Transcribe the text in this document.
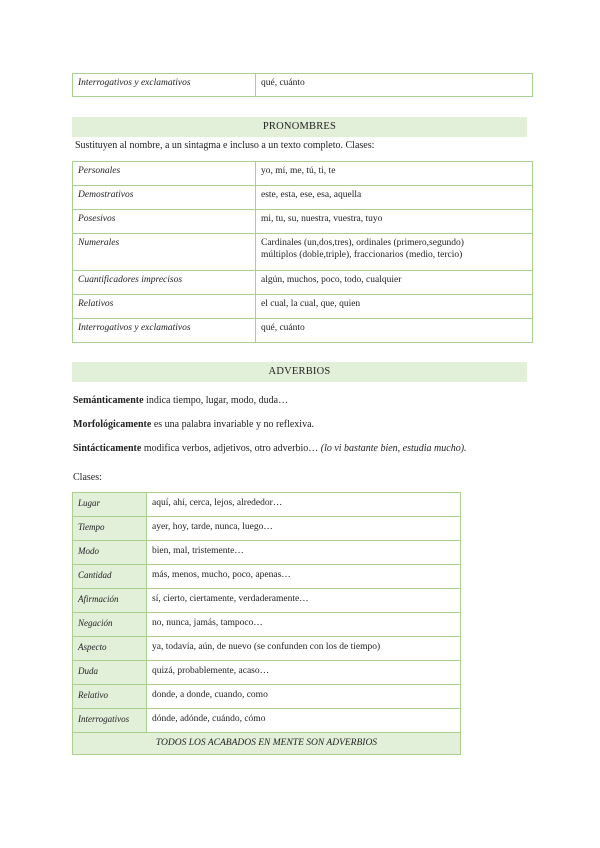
Interrogativos y exclamativos	qué, cuánto
PRONOMBRES
Sustituyen al nombre, a un sintagma e incluso a un texto completo. Clases:
Personales	yo, mí, me, tú, ti, te
Demostrativos	este, esta, ese, esa, aquella
Posesivos	mi, tu, su, nuestra, vuestra, tuyo
Numerales	Cardinales (un,dos,tres), ordinales (primero,segundo)
múltiplos (doble,triple), fraccionarios (medio, tercio)

Cuantificadores imprecisos	algún, muchos, poco, todo, cualquier
Relativos	el cual, la cual, que, quien
Interrogativos y exclamativos	qué, cuánto
ADVERBIOS
Semánticamente indica tiempo, lugar, modo, duda…
Morfológicamente es una palabra invariable y no reflexiva.
Sintácticamente modifica verbos, adjetivos, otro adverbio… (lo vi bastante bien, estudia mucho).
Clases:
Lugar	aquí, ahí, cerca, lejos, alrededor…
Tiempo	ayer, hoy, tarde, nunca, luego…
Modo	bien, mal, tristemente…
Cantidad	más, menos, mucho, poco, apenas…
Afirmación	sí, cierto, ciertamente, verdaderamente…
Negación	no, nunca, jamás, tampoco…
Aspecto	ya, todavía, aún, de nuevo (se confunden con los de tiempo)
Duda	quizá, probablemente, acaso…
Relativo	donde, a donde, cuando, como
Interrogativos	dónde, adónde, cuándo, cómo
TODOS LOS ACABADOS EN MENTE SON ADVERBIOS	
